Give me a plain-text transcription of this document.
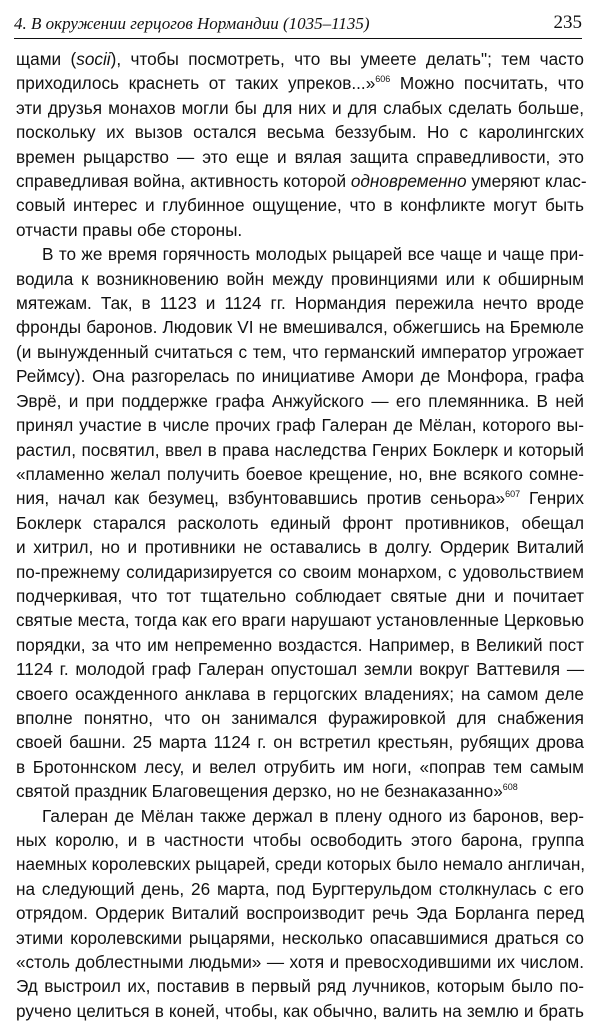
4. В окружении герцогов Нормандии (1035–1135)	235
щами (socii), чтобы посмотреть, что вы умеете делать"; тем часто
приходилось краснеть от таких упреков...»$^{606}$ Можно посчитать, что
эти друзья монахов могли бы для них и для слабых сделать больше,
поскольку их вызов остался весьма беззубым. Но с каролингских
времен рыцарство — это еще и вялая защита справедливости, это
справедливая война, активность которой одновременно умеряют клас-
совый интерес и глубинное ощущение, что в конфликте могут быть
отчасти правы обе стороны.
В то же время горячность молодых рыцарей все чаще и чаще при-
водила к возникновению войн между провинциями или к обширным
мятежам. Так, в 1123 и 1124 гг. Нормандия пережила нечто вроде
фронды баронов. Людовик VI не вмешивался, обжегшись на Бремюле
(и вынужденный считаться с тем, что германский император угрожает
Реймсу). Она разгорелась по инициативе Амори де Монфора, графа
Эврё, и при поддержке графа Анжуйского — его племянника. В ней
принял участие в числе прочих граф Галеран де Мёлан, которого вы-
растил, посвятил, ввел в права наследства Генрих Боклерк и который
«пламенно желал получить боевое крещение, но, вне всякого сомне-
ния, начал как безумец, взбунтовавшись против сеньора»$^{607}$ Генрих
Боклерк старался расколоть единый фронт противников, обещал
и хитрил, но и противники не оставались в долгу. Ордерик Виталий
по-прежнему солидаризируется со своим монархом, с удовольствием
подчеркивая, что тот тщательно соблюдает святые дни и почитает
святые места, тогда как его враги нарушают установленные Церковью
порядки, за что им непременно воздастся. Например, в Великий пост
1124 г. молодой граф Галеран опустошал земли вокруг Ваттевиля —
своего осажденного анклава в герцогских владениях; на самом деле
вполне понятно, что он занимался фуражировкой для снабжения
своей башни. 25 марта 1124 г. он встретил крестьян, рубящих дрова
в Бротоннском лесу, и велел отрубить им ноги, «поправ тем самым
святой праздник Благовещения дерзко, но не безнаказанно»$^{608}$
Галеран де Мёлан также держал в плену одного из баронов, вер-
ных королю, и в частности чтобы освободить этого барона, группа
наемных королевских рыцарей, среди которых было немало англичан,
на следующий день, 26 марта, под Бургтерульдом столкнулась с его
отрядом. Ордерик Виталий воспроизводит речь Эда Борланга перед
этими королевскими рыцарями, несколько опасавшимися драться со
«столь доблестными людьми» — хотя и превосходившими их числом.
Эд выстроил их, поставив в первый ряд лучников, которым было по-
ручено целиться в коней, чтобы, как обычно, валить на землю и брать
